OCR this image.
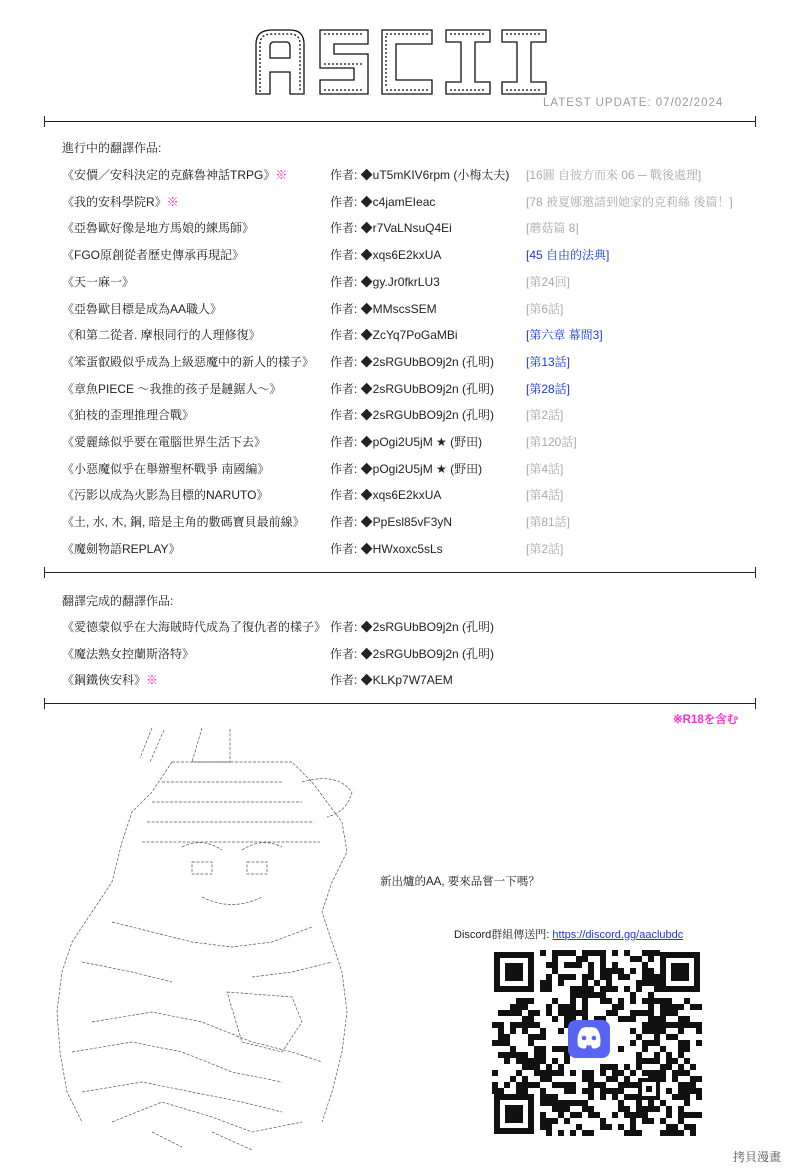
LATEST UPDATE: 07/02/2024
進行中的翻譯作品:
《安價／安科決定的克蘇魯神話TRPG》※	作者: ◆uT5mKIV6rpm (小梅太夫) [16圓 自彼方而來 06 ─ 戰後處理]
《我的安科學院R》※	作者: ◆c4jamEIeac	[78 被夏娜邀請到她家的克莉絲 後篇！]
《亞魯歐好像是地方馬娘的練馬師》	作者: ◆r7VaLNsuQ4Ei	[蘑菇篇 8]
《FGO原創從者歷史傳承再現記》	作者: ◆xqs6E2kxUA	[45 自由的法典]
《天一麻一》	作者: ◆gy.Jr0fkrLU3	[第24回]
《亞魯歐目標是成為AA職人》	作者: ◆MMscsSEM	[第6話]
《和第二從者. 摩根同行的人理修復》	作者: ◆ZcYq7PoGaMBi	[第六章 幕間3]
《笨蛋叡殿似乎成為上級惡魔中的新人的樣子》 作者: ◆2sRGUbBO9j2n (孔明)	[第13話]
《章魚PIECE ～我推的孩子是鏈鋸人～》	作者: ◆2sRGUbBO9j2n (孔明)	[第28話]
《狛枝的歪理推理合戰》	作者: ◆2sRGUbBO9j2n (孔明)	[第2話]
《愛麗絲似乎要在電腦世界生活下去》	作者: ◆pOgi2U5jM ★ (野田)	[第120話]
《小惡魔似乎在舉辦聖杯戰爭 南國編》	作者: ◆pOgi2U5jM ★ (野田)	[第4話]
《污影以成為火影為目標的NARUTO》	作者: ◆xqs6E2kxUA	[第4話]
《土, 水, 木, 鋼, 暗是主角的數碼寶貝最前線》 作者: ◆PpEsl85vF3yN	[第81話]
《魔劍物語REPLAY》	作者: ◆HWxoxc5sLs	[第2話]
翻譯完成的翻譯作品:
《愛德蒙似乎在大海賊時代成為了復仇者的樣子》 作者: ◆2sRGUbBO9j2n (孔明)
《魔法熟女控蘭斯洛特》	作者: ◆2sRGUbBO9j2n (孔明)
《鋼鐵俠安科》※	作者: ◆KLKp7W7AEM
※R18を含む
新出爐的AA, 要來品嘗一下嗎？
Discord群組傳送門: https://discord.gg/aaclubdc
拷貝漫畫
